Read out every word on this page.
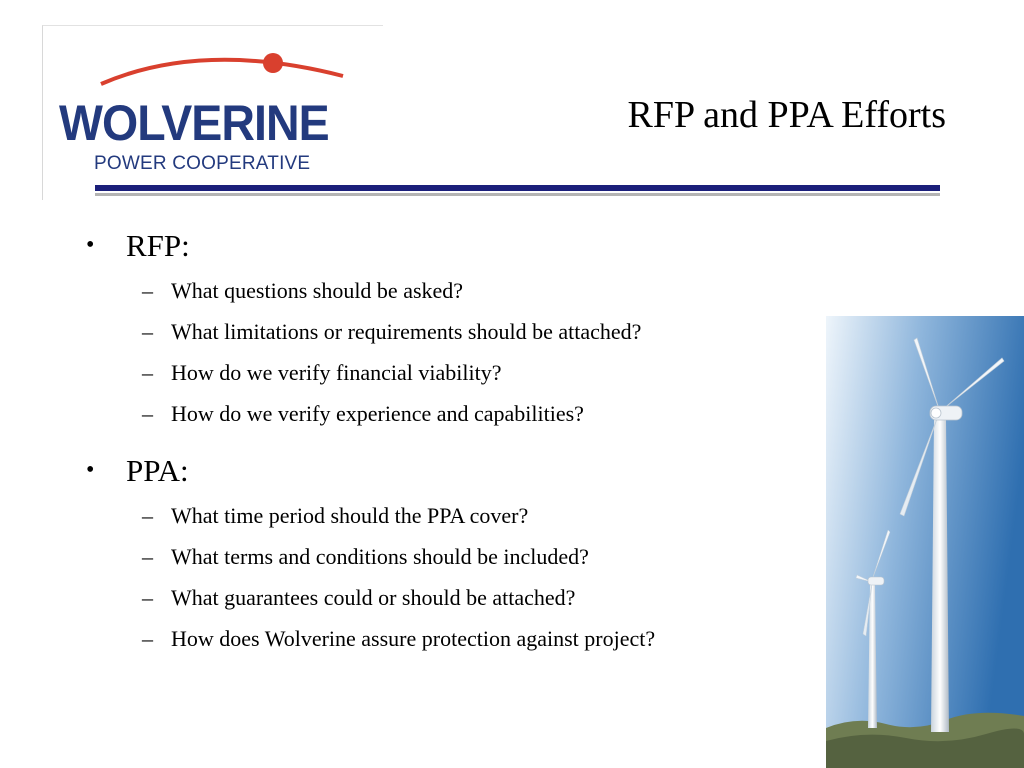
WOLVERINE
POWER COOPERATIVE
RFP and PPA Efforts
•	RFP:
– What questions should be asked?
– What limitations or requirements should be attached?
– How do we verify financial viability?
– How do we verify experience and capabilities?
•	PPA:
– What time period should the PPA cover?
– What terms and conditions should be included?
– What guarantees could or should be attached?
– How does Wolverine assure protection against project?
